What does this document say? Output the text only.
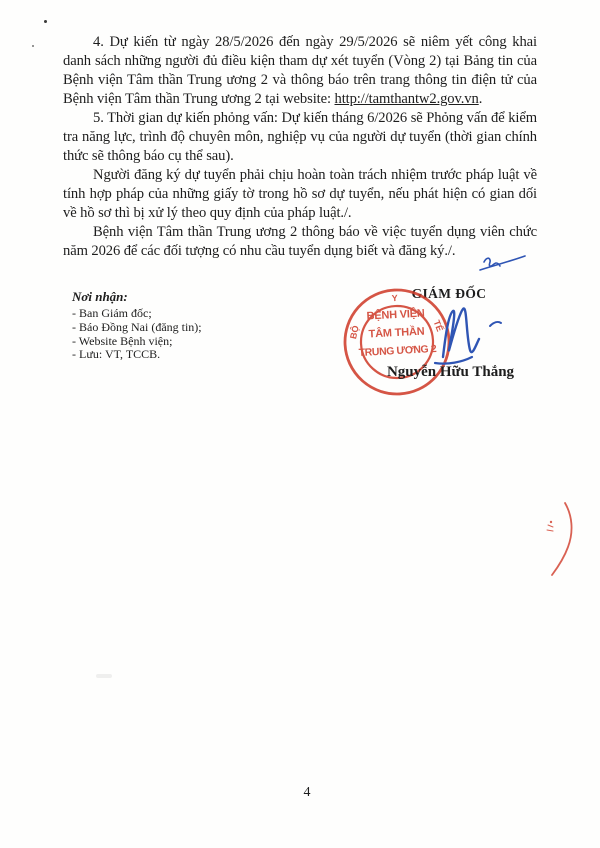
4. Dự kiến từ ngày 28/5/2026 đến ngày 29/5/2026 sẽ niêm yết công khai danh sách những người đủ điều kiện tham dự xét tuyển (Vòng 2) tại Bảng tin của Bệnh viện Tâm thần Trung ương 2 và thông báo trên trang thông tin điện tử của Bệnh viện Tâm thần Trung ương 2 tại website: http://tamthantw2.gov.vn.

5. Thời gian dự kiến phỏng vấn: Dự kiến tháng 6/2026 sẽ Phỏng vấn để kiểm tra năng lực, trình độ chuyên môn, nghiệp vụ của người dự tuyển (thời gian chính thức sẽ thông báo cụ thể sau).

Người đăng ký dự tuyển phải chịu hoàn toàn trách nhiệm trước pháp luật về tính hợp pháp của những giấy tờ trong hồ sơ dự tuyển, nếu phát hiện có gian dối về hồ sơ thì bị xử lý theo quy định của pháp luật./.

Bệnh viện Tâm thần Trung ương 2 thông báo về việc tuyển dụng viên chức năm 2026 để các đối tượng có nhu cầu tuyển dụng biết và đăng ký./.

Nơi nhận:
- Ban Giám đốc;
- Báo Đồng Nai (đăng tin);
- Website Bệnh viện;
- Lưu: VT, TCCB.
GIÁM ĐỐC
BỘ
Y
TẾ
BỆNH VIỆN
TÂM THẦN
TRUNG ƯƠNG 2
Nguyễn Hữu Thắng
4
